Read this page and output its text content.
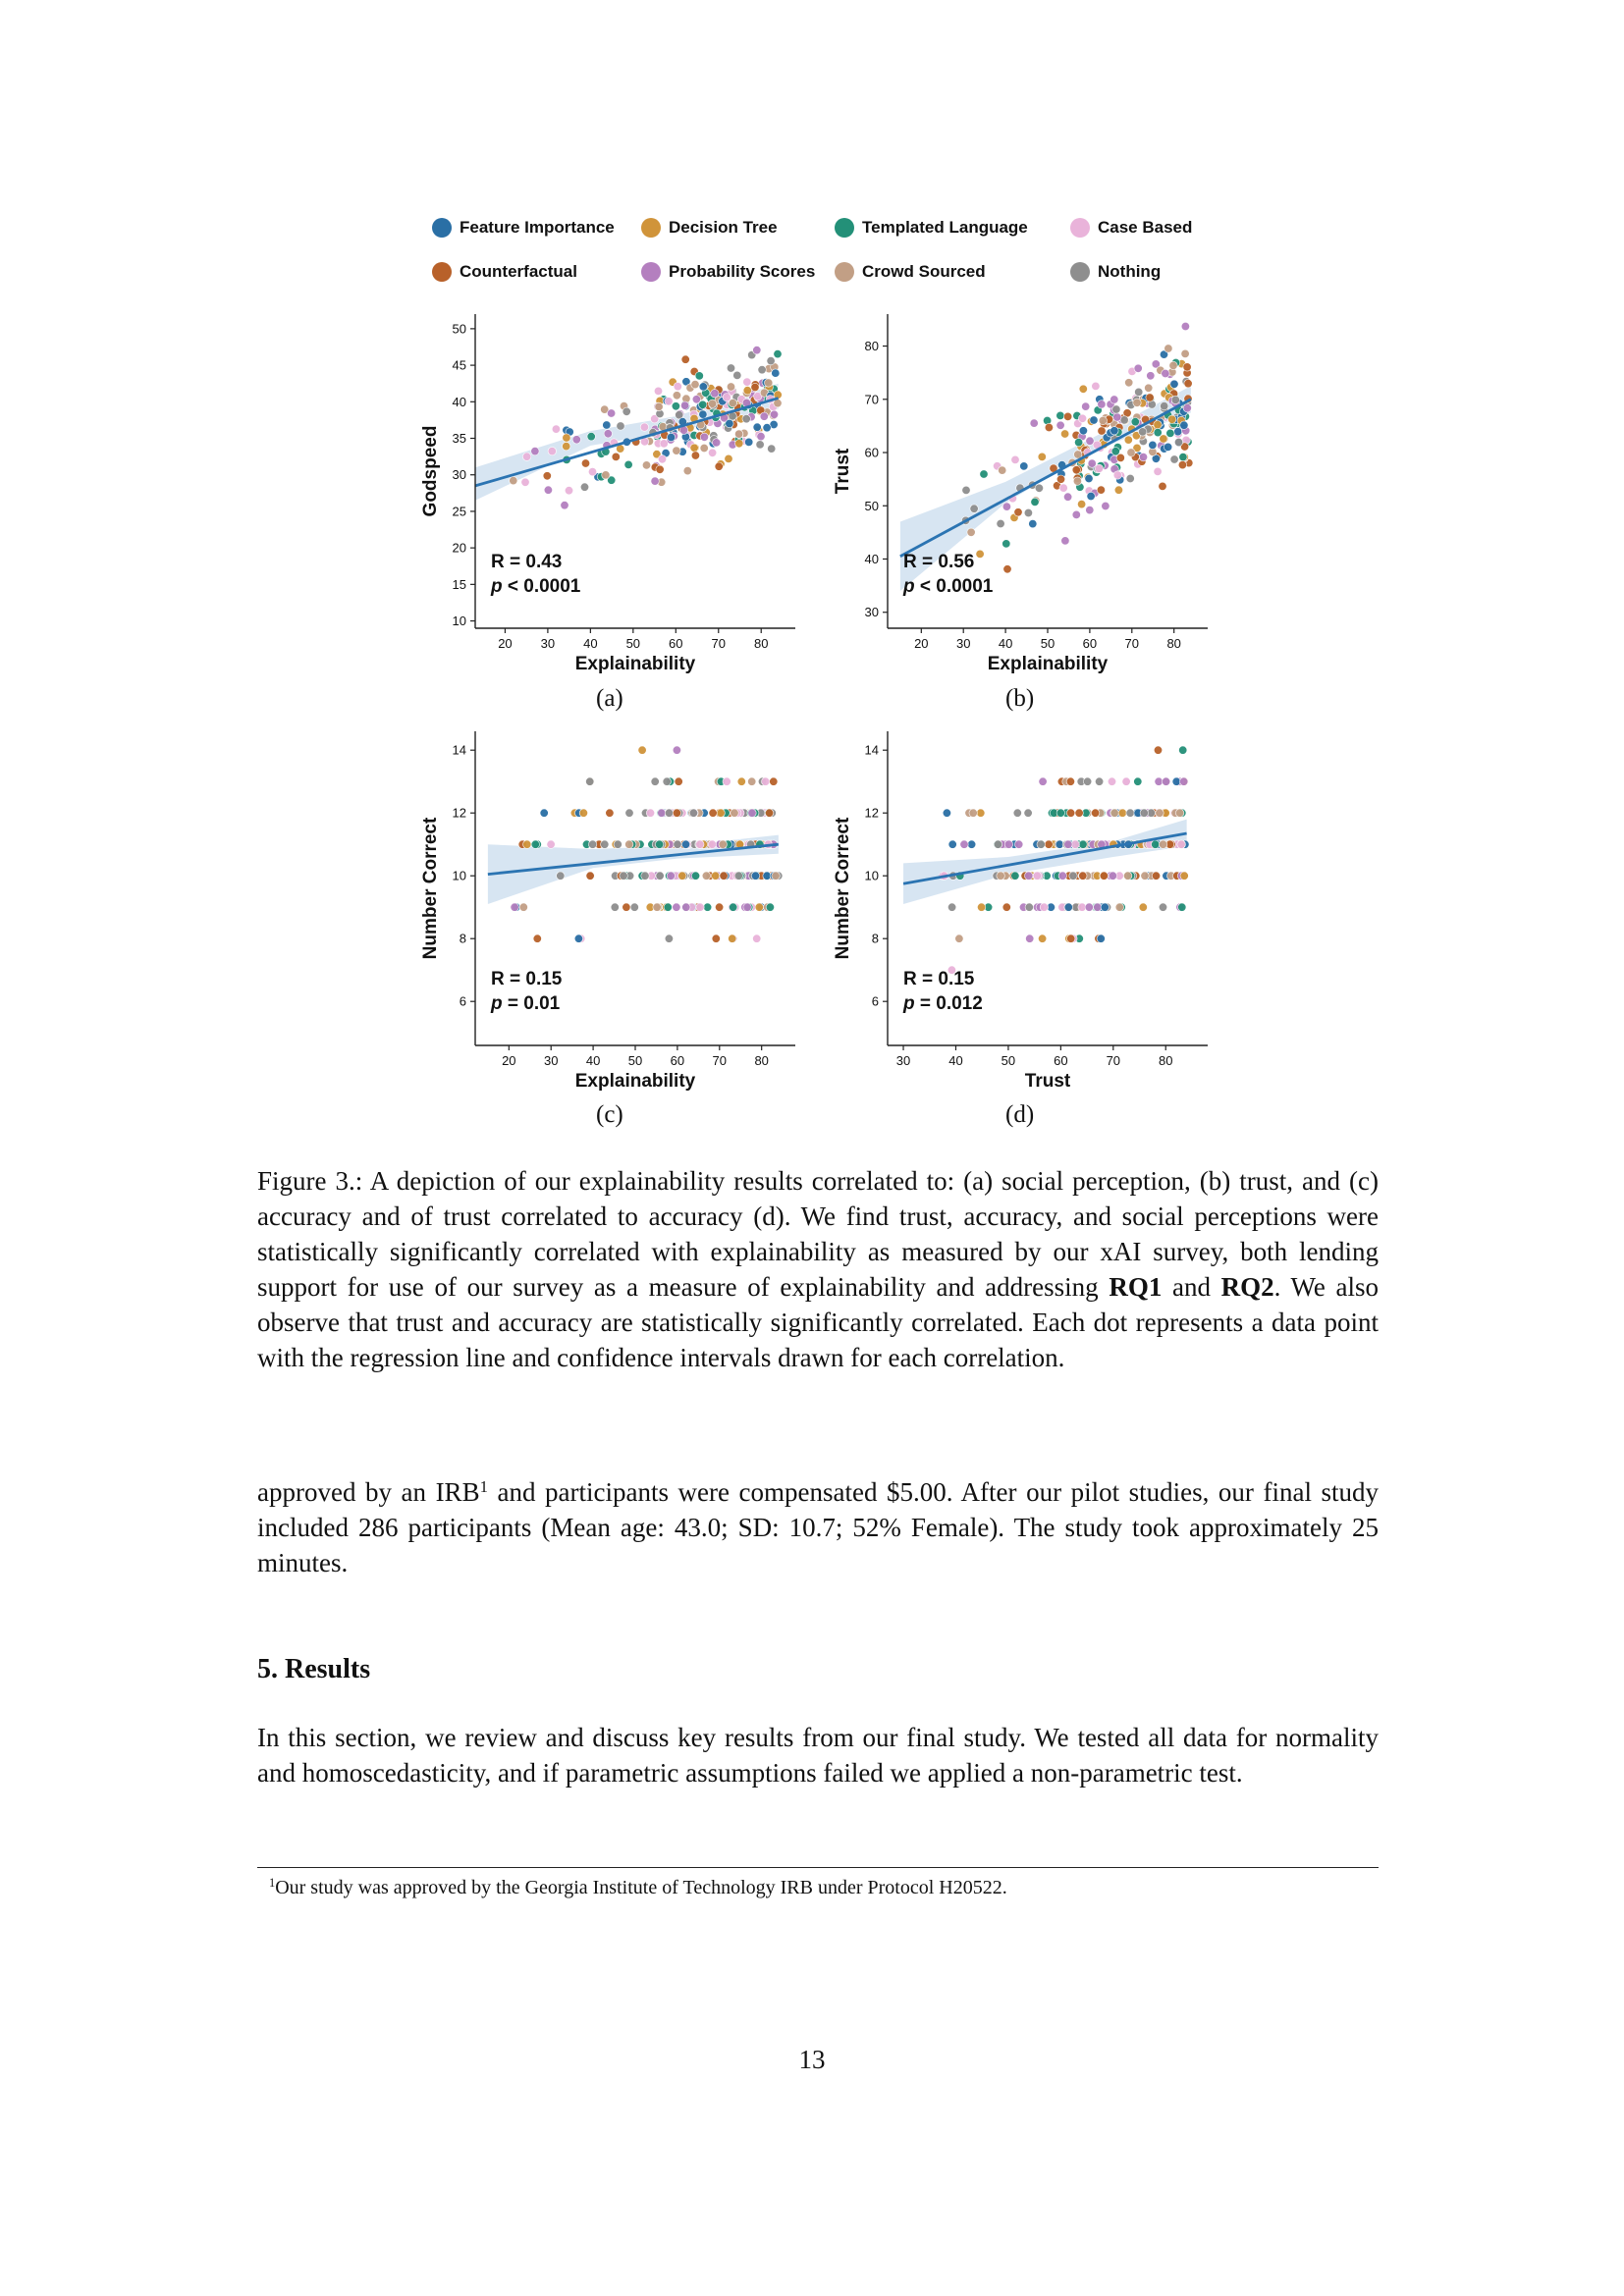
Feature Importance	Decision Tree	Templated Language	Case Based
Counterfactual	Probability Scores	Crowd Sourced	Nothing
20 30 40 50 60 70 80
10
15
20
25
30
35
40
45
50
Explainability
Godspeed
R = 0.43
p < 0.0001
20 30 40 50 60 70 80
30
40
50
60
70
80
Explainability
Trust
R = 0.56
p < 0.0001
20 30 40 50 60 70 80
6
8
10
12
14
Explainability
Number Correct
R = 0.15
p = 0.01
30	40	50	60	70	80
6
8
10
12
14
Trust
Number Correct
R = 0.15
p = 0.012
(a)	(b)
(c)	(d)
Figure 3.: A depiction of our explainability results correlated to: (a) social perception, (b) trust, and (c) accuracy and of trust correlated to accuracy (d). We find trust, accuracy, and social perceptions were statistically significantly correlated with explainability as measured by our xAI survey, both lending support for use of our survey as a measure of explainability and addressing RQ1 and RQ2. We also observe that trust and accuracy are statistically significantly correlated. Each dot represents a data point with the regression line and confidence intervals drawn for each correlation.
approved by an IRB$^1$ and participants were compensated $5.00. After our pilot studies, our final study included 286 participants (Mean age: 43.0; SD: 10.7; 52% Female). The study took approximately 25 minutes.
5. Results
In this section, we review and discuss key results from our final study. We tested all data for normality and homoscedasticity, and if parametric assumptions failed we applied a non-parametric test.
$^1$Our study was approved by the Georgia Institute of Technology IRB under Protocol H20522.
13
